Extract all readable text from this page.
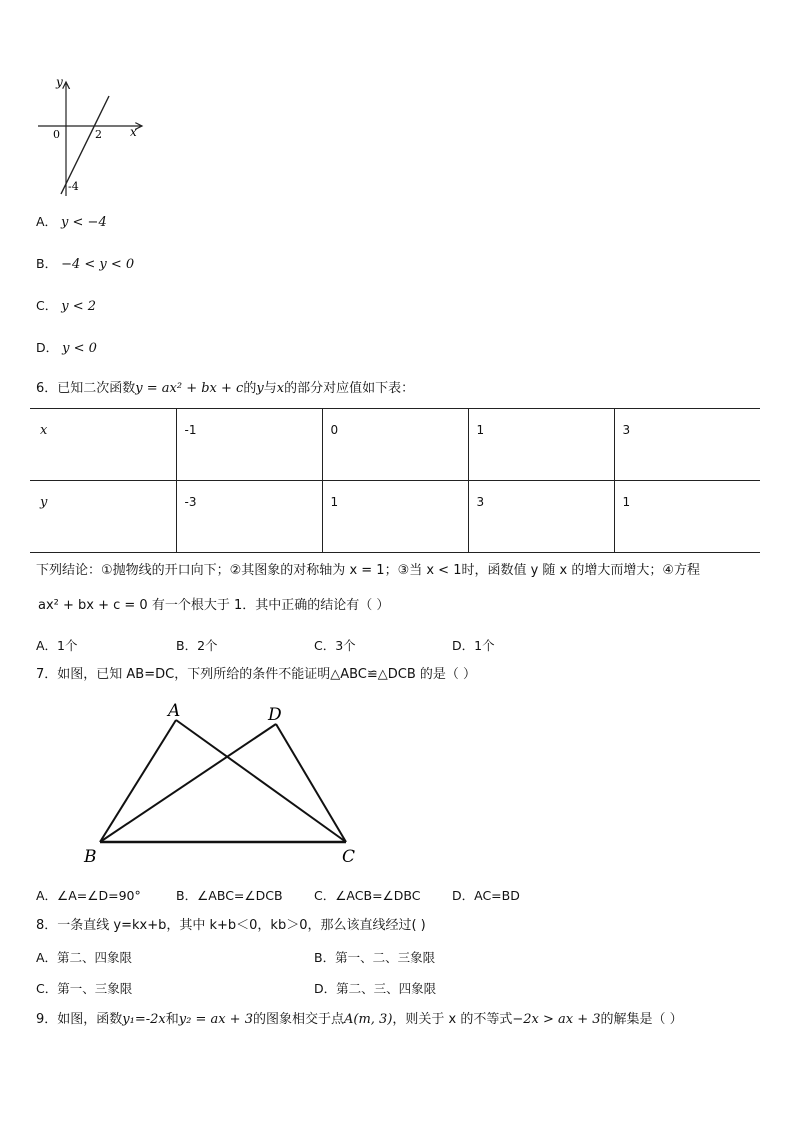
y
x
0	2
-4
A． y < −4
B． −4 < y < 0
C． y < 2
D． y < 0
6．已知二次函数y = ax² + bx + c的y与x的部分对应值如下表：
x	-1	0	1	3
y	-3	1	3	1
下列结论：①抛物线的开口向下；②其图象的对称轴为 x = 1；③当 x < 1时，函数值 y 随 x 的增大而增大；④方程
ax² + bx + c = 0 有一个根大于 1．其中正确的结论有（ ）
A．1个	B．2个	C．3个	D．1个
7．如图，已知 AB=DC，下列所给的条件不能证明△ABC≌△DCB 的是（ ）
A	D
B	C
A．∠A=∠D=90°	B．∠ABC=∠DCB	C．∠ACB=∠DBC	D．AC=BD
8．一条直线 y=kx+b，其中 k+b＜0，kb＞0，那么该直线经过( )
A．第二、四象限	B．第一、二、三象限
C．第一、三象限	D．第二、三、四象限
9．如图，函数y₁=-2x和y₂ = ax + 3的图象相交于点A(m, 3)，则关于 x 的不等式−2x > ax + 3的解集是（ ）
